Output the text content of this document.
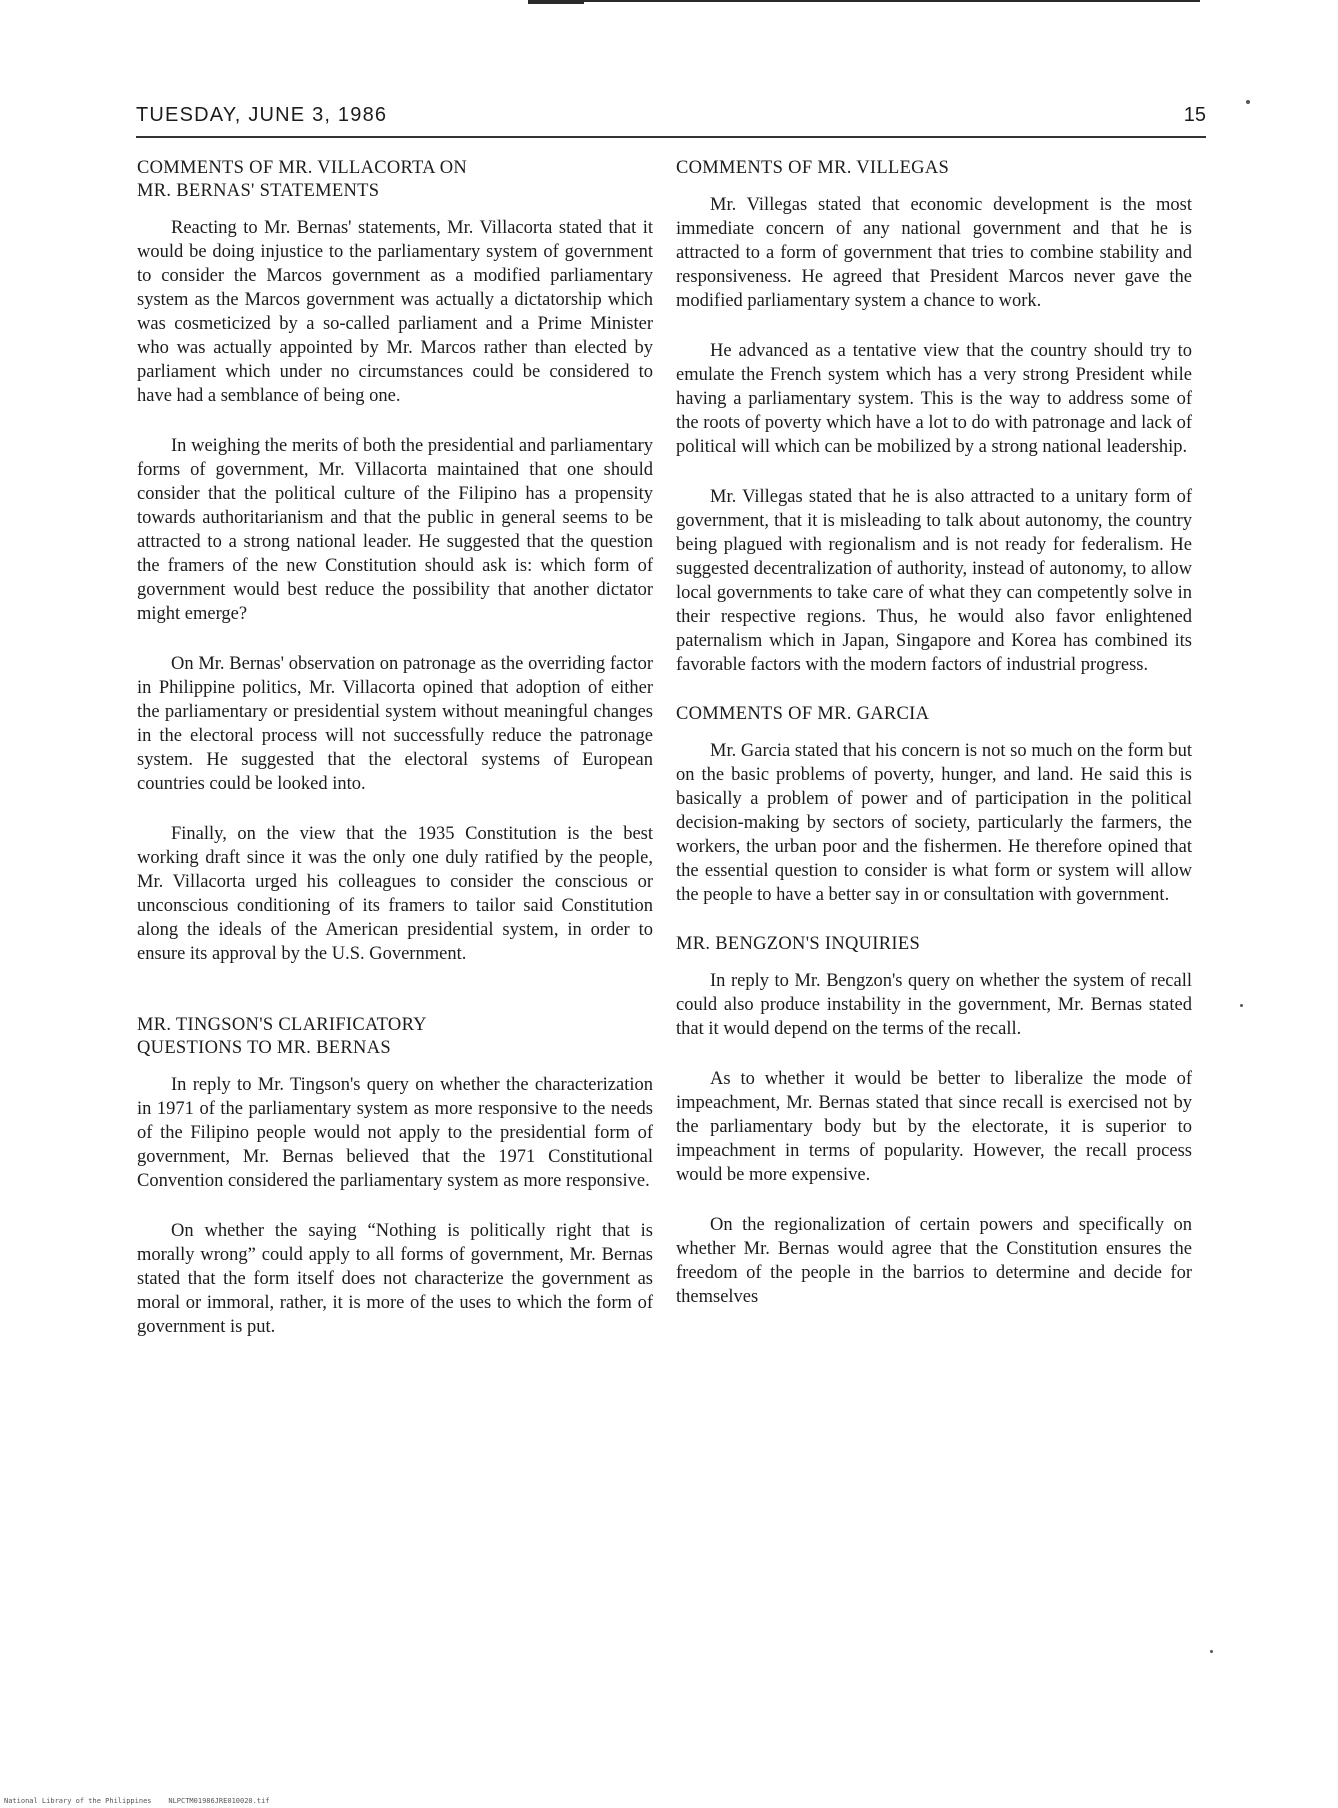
TUESDAY, JUNE 3, 1986	15
COMMENTS OF MR. VILLACORTA ON
MR. BERNAS' STATEMENTS

Reacting to Mr. Bernas' statements, Mr. Villacorta stated that it would be doing injustice to the parliamentary system of government to consider the Marcos government as a modified parliamentary system as the Marcos government was actually a dictatorship which was cosmeticized by a so-called parliament and a Prime Minister who was actually appointed by Mr. Marcos rather than elected by parliament which under no circumstances could be considered to have had a semblance of being one.

In weighing the merits of both the presidential and parliamentary forms of government, Mr. Villacorta maintained that one should consider that the political culture of the Filipino has a propensity towards authoritarianism and that the public in general seems to be attracted to a strong national leader. He suggested that the question the framers of the new Constitution should ask is: which form of government would best reduce the possibility that another dictator might emerge?

On Mr. Bernas' observation on patronage as the overriding factor in Philippine politics, Mr. Villacorta opined that adoption of either the parliamentary or presidential system without meaningful changes in the electoral process will not successfully reduce the patronage system. He suggested that the electoral systems of European countries could be looked into.

Finally, on the view that the 1935 Constitution is the best working draft since it was the only one duly ratified by the people, Mr. Villacorta urged his colleagues to consider the conscious or unconscious conditioning of its framers to tailor said Constitution along the ideals of the American presidential system, in order to ensure its approval by the U.S. Government.

MR. TINGSON'S CLARIFICATORY
QUESTIONS TO MR. BERNAS

In reply to Mr. Tingson's query on whether the characterization in 1971 of the parliamentary system as more responsive to the needs of the Filipino people would not apply to the presidential form of government, Mr. Bernas believed that the 1971 Constitutional Convention considered the parliamentary system as more responsive.

On whether the saying “Nothing is politically right that is morally wrong” could apply to all forms of government, Mr. Bernas stated that the form itself does not characterize the government as moral or immoral, rather, it is more of the uses to which the form of government is put.

COMMENTS OF MR. VILLEGAS

Mr. Villegas stated that economic development is the most immediate concern of any national government and that he is attracted to a form of government that tries to combine stability and responsiveness. He agreed that President Marcos never gave the modified parliamentary system a chance to work.

He advanced as a tentative view that the country should try to emulate the French system which has a very strong President while having a parliamentary system. This is the way to address some of the roots of poverty which have a lot to do with patronage and lack of political will which can be mobilized by a strong national leadership.

Mr. Villegas stated that he is also attracted to a unitary form of government, that it is misleading to talk about autonomy, the country being plagued with regionalism and is not ready for federalism. He suggested decentralization of authority, instead of autonomy, to allow local governments to take care of what they can competently solve in their respective regions. Thus, he would also favor enlightened paternalism which in Japan, Singapore and Korea has combined its favorable factors with the modern factors of industrial progress.

COMMENTS OF MR. GARCIA

Mr. Garcia stated that his concern is not so much on the form but on the basic problems of poverty, hunger, and land. He said this is basically a problem of power and of participation in the political decision-making by sectors of society, particularly the farmers, the workers, the urban poor and the fishermen. He therefore opined that the essential question to consider is what form or system will allow the people to have a better say in or consultation with government.

MR. BENGZON'S INQUIRIES

In reply to Mr. Bengzon's query on whether the system of recall could also produce instability in the government, Mr. Bernas stated that it would depend on the terms of the recall.

As to whether it would be better to liberalize the mode of impeachment, Mr. Bernas stated that since recall is exercised not by the parliamentary body but by the electorate, it is superior to impeachment in terms of popularity. However, the recall process would be more expensive.

On the regionalization of certain powers and specifically on whether Mr. Bernas would agree that the Constitution ensures the freedom of the people in the barrios to determine and decide for themselves

National Library of the Philippines    NLPCTM01986JRE010020.tif
